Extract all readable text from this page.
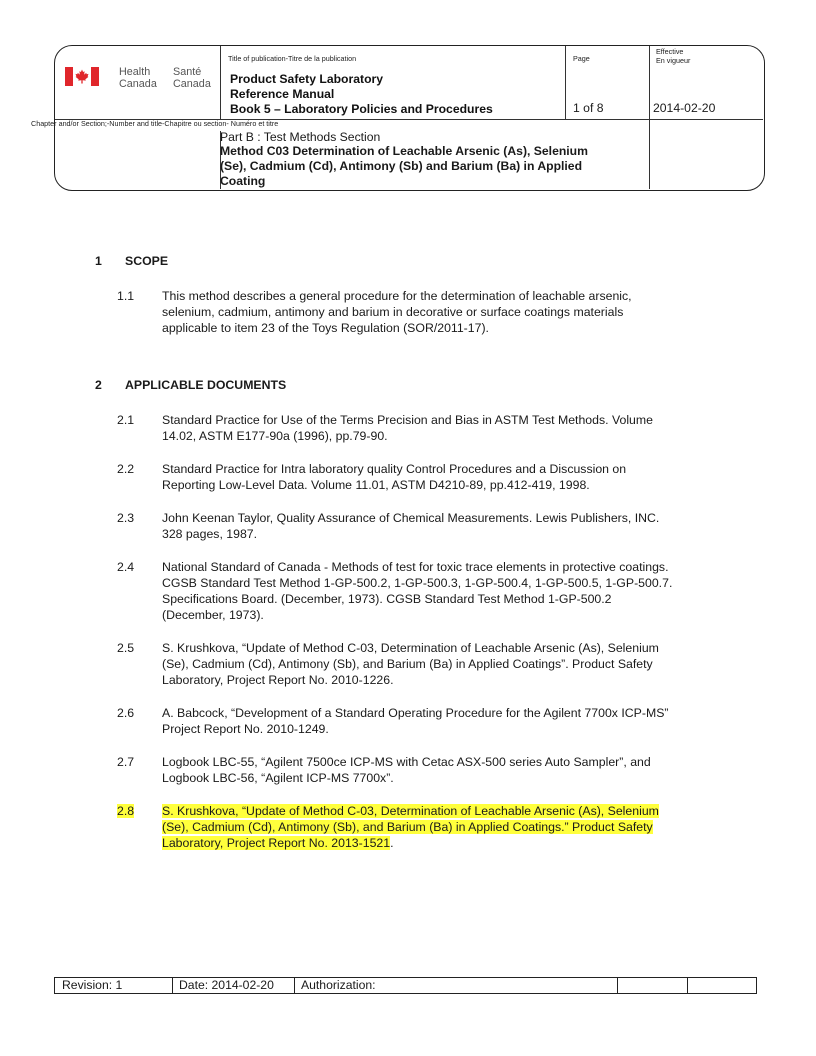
Health
Canada
Santé
Canada
Title of publication-Titre de la publication	Page
Effective
En vigueur
Chapter and/or Section;-Number and title-Chapitre ou section- Numéro et titre
Product Safety Laboratory
Reference Manual
Book 5 – Laboratory Policies and Procedures	1 of 8	2014-02-20
Part B : Test Methods Section
Method C03 Determination of Leachable Arsenic (As), Selenium
(Se), Cadmium (Cd), Antimony (Sb) and Barium (Ba) in Applied
Coating
1 SCOPE
1.1 This method describes a general procedure for the determination of leachable arsenic,
selenium, cadmium, antimony and barium in decorative or surface coatings materials
applicable to item 23 of the Toys Regulation (SOR/2011-17).
2 APPLICABLE DOCUMENTS
2.1 Standard Practice for Use of the Terms Precision and Bias in ASTM Test Methods. Volume
14.02, ASTM E177-90a (1996), pp.79-90.
2.2 Standard Practice for Intra laboratory quality Control Procedures and a Discussion on
Reporting Low-Level Data. Volume 11.01, ASTM D4210-89, pp.412-419, 1998.
2.3 John Keenan Taylor, Quality Assurance of Chemical Measurements. Lewis Publishers, INC.
328 pages, 1987.
2.4 National Standard of Canada - Methods of test for toxic trace elements in protective coatings.
CGSB Standard Test Method 1-GP-500.2, 1-GP-500.3, 1-GP-500.4, 1-GP-500.5, 1-GP-500.7.
Specifications Board. (December, 1973). CGSB Standard Test Method 1-GP-500.2
(December, 1973).
2.5 S. Krushkova, “Update of Method C-03, Determination of Leachable Arsenic (As), Selenium
(Se), Cadmium (Cd), Antimony (Sb), and Barium (Ba) in Applied Coatings”. Product Safety
Laboratory, Project Report No. 2010-1226.
2.6 A. Babcock, “Development of a Standard Operating Procedure for the Agilent 7700x ICP-MS”
Project Report No. 2010-1249.
2.7 Logbook LBC-55, “Agilent 7500ce ICP-MS with Cetac ASX-500 series Auto Sampler”, and
Logbook LBC-56, “Agilent ICP-MS 7700x”.
2.8 S. Krushkova, “Update of Method C-03, Determination of Leachable Arsenic (As), Selenium
(Se), Cadmium (Cd), Antimony (Sb), and Barium (Ba) in Applied Coatings.” Product Safety
Laboratory, Project Report No. 2013-1521.
Revision: 1	Date: 2014-02-20	Authorization:
